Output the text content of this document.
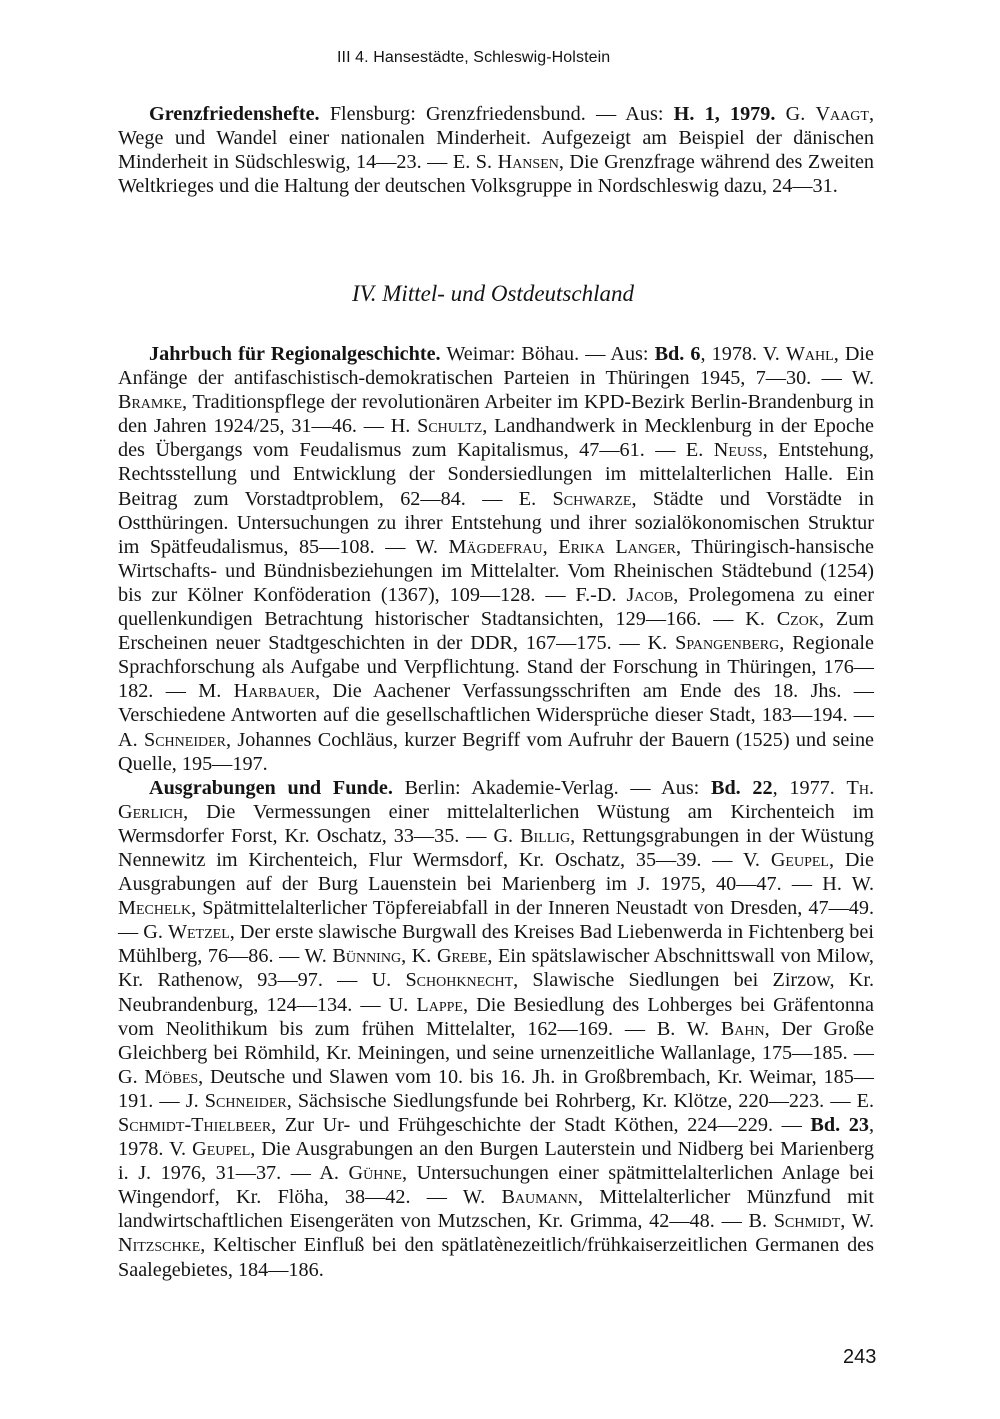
III 4. Hansestädte, Schleswig-Holstein

Grenzfriedenshefte. Flensburg: Grenzfriedensbund. — Aus: H. 1, 1979. G. Vaagt, Wege und Wandel einer nationalen Minderheit. Aufgezeigt am Beispiel der dänischen Minderheit in Südschleswig, 14—23. — E. S. Hansen, Die Grenzfrage während des Zweiten Weltkrieges und die Haltung der deutschen Volksgruppe in Nordschleswig dazu, 24—31.

IV. Mittel- und Ostdeutschland

Jahrbuch für Regionalgeschichte. Weimar: Böhau. — Aus: Bd. 6, 1978. V. Wahl, Die Anfänge der antifaschistisch-demokratischen Parteien in Thüringen 1945, 7—30. — W. Bramke, Traditionspflege der revolutionären Arbeiter im KPD-Bezirk Berlin-Brandenburg in den Jahren 1924/25, 31—46. — H. Schultz, Landhandwerk in Mecklenburg in der Epoche des Übergangs vom Feudalismus zum Kapitalismus, 47—61. — E. Neuss, Entstehung, Rechtsstellung und Entwicklung der Sondersiedlungen im mittelalterlichen Halle. Ein Beitrag zum Vorstadtproblem, 62—84. — E. Schwarze, Städte und Vorstädte in Ostthüringen. Untersuchungen zu ihrer Entstehung und ihrer sozialökonomischen Struktur im Spätfeudalismus, 85—108. — W. Mägdefrau, Erika Langer, Thüringisch-hansische Wirtschafts- und Bündnisbeziehungen im Mittelalter. Vom Rheinischen Städtebund (1254) bis zur Kölner Konföderation (1367), 109—128. — F.-D. Jacob, Prolegomena zu einer quellenkundigen Betrachtung historischer Stadtansichten, 129—166. — K. Czok, Zum Erscheinen neuer Stadtgeschichten in der DDR, 167—175. — K. Spangenberg, Regionale Sprachforschung als Aufgabe und Verpflichtung. Stand der Forschung in Thüringen, 176—182. — M. Harbauer, Die Aachener Verfassungsschriften am Ende des 18. Jhs. — Verschiedene Antworten auf die gesellschaftlichen Widersprüche dieser Stadt, 183—194. — A. Schneider, Johannes Cochläus, kurzer Begriff vom Aufruhr der Bauern (1525) und seine Quelle, 195—197.

Ausgrabungen und Funde. Berlin: Akademie-Verlag. — Aus: Bd. 22, 1977. Th. Gerlich, Die Vermessungen einer mittelalterlichen Wüstung am Kirchenteich im Wermsdorfer Forst, Kr. Oschatz, 33—35. — G. Billig, Rettungsgrabungen in der Wüstung Nennewitz im Kirchenteich, Flur Wermsdorf, Kr. Oschatz, 35—39. — V. Geupel, Die Ausgrabungen auf der Burg Lauenstein bei Marienberg im J. 1975, 40—47. — H. W. Mechelk, Spätmittelalterlicher Töpfereiabfall in der Inneren Neustadt von Dresden, 47—49. — G. Wetzel, Der erste slawische Burgwall des Kreises Bad Liebenwerda in Fichtenberg bei Mühlberg, 76—86. — W. Bünning, K. Grebe, Ein spätslawischer Abschnittswall von Milow, Kr. Rathenow, 93—97. — U. Schohknecht, Slawische Siedlungen bei Zirzow, Kr. Neubrandenburg, 124—134. — U. Lappe, Die Besiedlung des Lohberges bei Gräfentonna vom Neolithikum bis zum frühen Mittelalter, 162—169. — B. W. Bahn, Der Große Gleichberg bei Römhild, Kr. Meiningen, und seine urnenzeitliche Wallanlage, 175—185. — G. Möbes, Deutsche und Slawen vom 10. bis 16. Jh. in Großbrembach, Kr. Weimar, 185—191. — J. Schneider, Sächsische Siedlungsfunde bei Rohrberg, Kr. Klötze, 220—223. — E. Schmidt-Thielbeer, Zur Ur- und Frühgeschichte der Stadt Köthen, 224—229. — Bd. 23, 1978. V. Geupel, Die Ausgrabungen an den Burgen Lauterstein und Nidberg bei Marienberg i. J. 1976, 31—37. — A. Gühne, Untersuchungen einer spätmittelalterlichen Anlage bei Wingendorf, Kr. Flöha, 38—42. — W. Baumann, Mittelalterlicher Münzfund mit landwirtschaftlichen Eisengeräten von Mutzschen, Kr. Grimma, 42—48. — B. Schmidt, W. Nitzschke, Keltischer Einfluß bei den spätlatènezeitlich/frühkaiserzeitlichen Germanen des Saalegebietes, 184—186.

243
